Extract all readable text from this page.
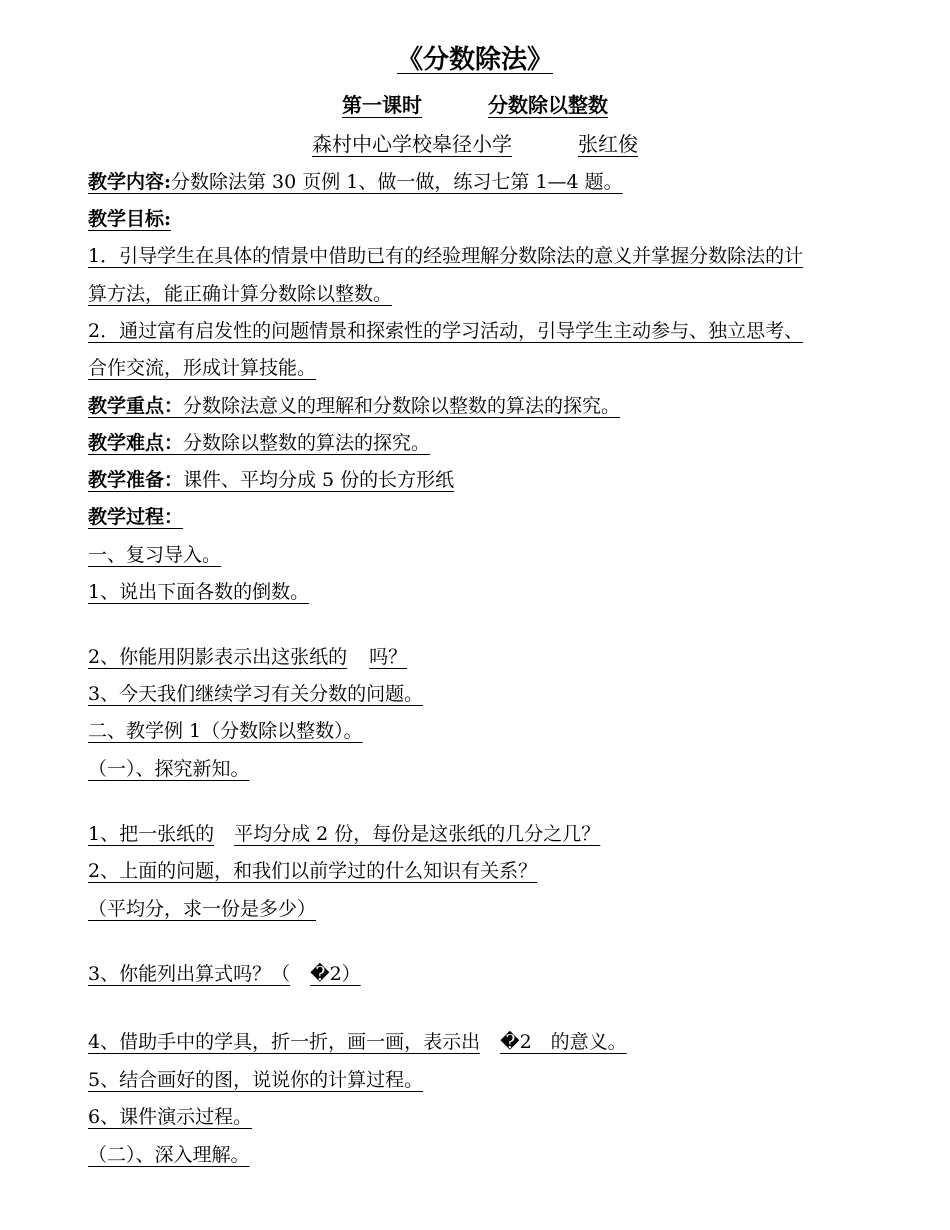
《分数除法》
第一课时	分数除以整数
森村中心学校皋径小学	张红俊
教学内容:分数除法第 30 页例 1、做一做，练习七第 1—4 题。
教学目标:
1．引导学生在具体的情景中借助已有的经验理解分数除法的意义并掌握分数除法的计
算方法，能正确计算分数除以整数。
2．通过富有启发性的问题情景和探索性的学习活动，引导学生主动参与、独立思考、
合作交流，形成计算技能。
教学重点：分数除法意义的理解和分数除以整数的算法的探究。
教学难点：分数除以整数的算法的探究。
教学准备：课件、平均分成 5 份的长方形纸
教学过程：
一、复习导入。
1、说出下面各数的倒数。
2、你能用阴影表示出这张纸的 吗？
3、今天我们继续学习有关分数的问题。
二、教学例 1（分数除以整数）。
（一）、探究新知。
1、把一张纸的 平均分成 2 份，每份是这张纸的几分之几？
2、上面的问题，和我们以前学过的什么知识有关系？
（平均分，求一份是多少）
3、你能列出算式吗？（ �2）
4、借助手中的学具，折一折，画一画，表示出 �2　的意义。
5、结合画好的图，说说你的计算过程。
6、课件演示过程。
（二）、深入理解。
